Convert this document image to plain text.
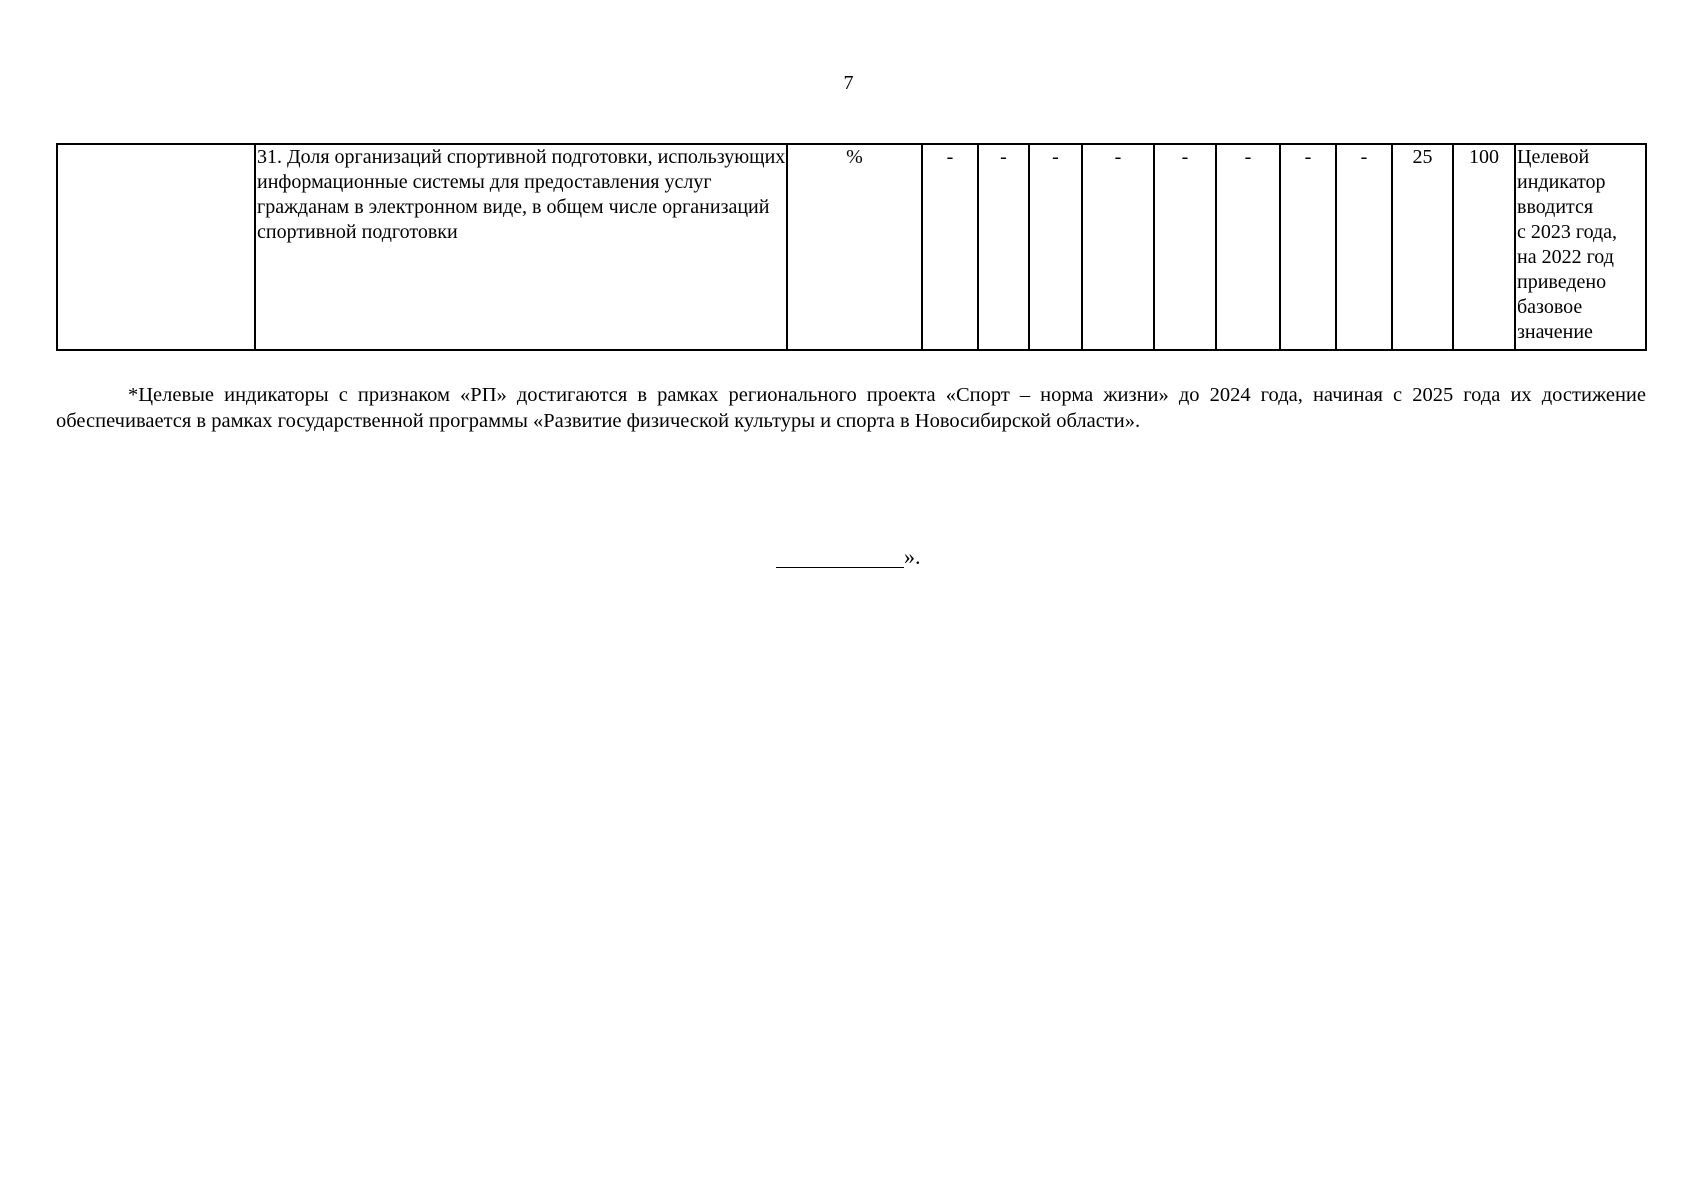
7
	31. Доля организаций спортивной подготовки, использующих информационные системы для предоставления услуг гражданам в электронном виде, в общем числе организаций спортивной подготовки	%	-	-	-	-	-	-	-	-	25	100	Целевой
индикатор
вводится
с 2023 года,
на 2022 год
приведено
базовое
значение
*Целевые индикаторы с признаком «РП» достигаются в рамках регионального проекта «Спорт – норма жизни» до 2024 года, начиная с 2025 года их достижение обеспечивается в рамках государственной программы «Развитие физической культуры и спорта в Новосибирской области».
».
